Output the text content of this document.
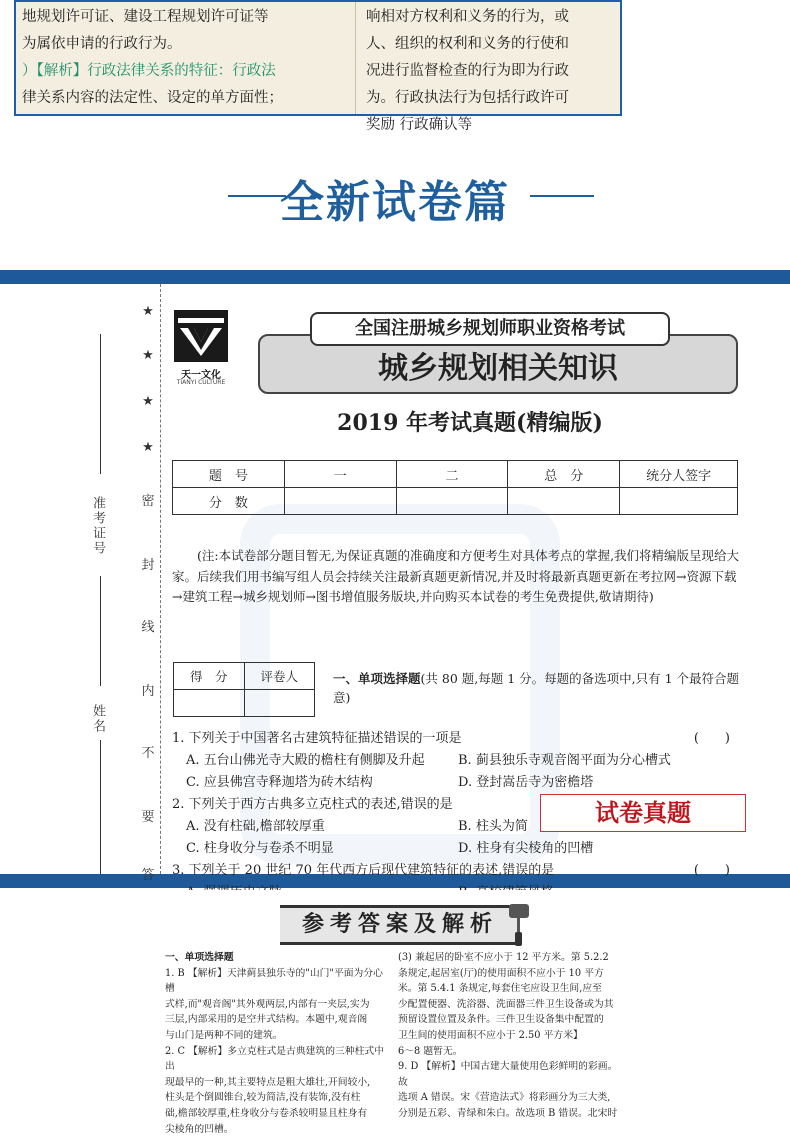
地规划许可证、建设工程规划许可证等
为属依申请的行政行为。
）【解析】行政法律关系的特征：行政法
律关系内容的法定性、设定的单方面性；
响相对方权利和义务的行为，或
人、组织的权利和义务的行使和
况进行监督检查的行为即为行政
为。行政执法行为包括行政许可
奖励 行政确认等
全新试卷篇
准考证号
姓名
★
★
★
★
密
封
线
内
不
要
答
天一文化
TIANYI CULTURE
全国注册城乡规划师职业资格考试
城乡规划相关知识
2019 年考试真题(精编版)
题　号	一	二	总　分	统分人签字
分　数				
(注:本试卷部分题目暂无,为保证真题的准确度和方便考生对具体考点的掌握,我们将精编版呈现给大家。后续我们用书编写组人员会持续关注最新真题更新情况,并及时将最新真题更新在考拉网→资源下载→建筑工程→城乡规划师→图书增值服务版块,并向购买本试卷的考生免费提供,敬请期待)
得　分	评卷人
		一、单项选择题(共 80 题,每题 1 分。每题的备选项中,只有 1 个最符合题意)
1. 下列关于中国著名古建筑特征描述错误的一项是	(　　)
A. 五台山佛光寺大殿的檐柱有侧脚及升起	B. 蓟县独乐寺观音阁平面为分心槽式
C. 应县佛宫寺释迦塔为砖木结构	D. 登封嵩岳寺为密檐塔
2. 下列关于西方古典多立克柱式的表述,错误的是
A. 没有柱础,檐部较厚重	B. 柱头为简
C. 柱身收分与卷杀不明显	D. 柱身有尖棱角的凹槽
3. 下列关于 20 世纪 70 年代西方后现代建筑特征的表述,错误的是	(　　)
试卷真题
参考答案及解析
一、单项选择题
1. B 【解析】天津蓟县独乐寺的"山门"平面为分心槽
式样,而"观音阁"其外观两层,内部有一夹层,实为
三层,内部采用的是空井式结构。本题中,观音阁
与山门是两种不同的建筑。
2. C 【解析】多立克柱式是古典建筑的三种柱式中出
现最早的一种,其主要特点是粗大雄壮,开间较小,
柱头是个倒圆锥台,较为简洁,没有装饰,没有柱
础,檐部较厚重,柱身收分与卷杀较明显且柱身有
尖棱角的凹槽。
(3) 兼起居的卧室不应小于 12 平方米。第 5.2.2
条规定,起居室(厅)的使用面积不应小于 10 平方
米。第 5.4.1 条规定,每套住宅应设卫生间,应至
少配置便器、洗浴器、洗面器三件卫生设备或为其
预留设置位置及条件。三件卫生设备集中配置的
卫生间的使用面积不应小于 2.50 平方米】
6～8 题暂无。
9. D 【解析】中国古建大量使用色彩鲜明的彩画。故
选项 A 错误。宋《营造法式》将彩画分为三大类,
分别是五彩、青绿和朱白。故选项 B 错误。北宋时
